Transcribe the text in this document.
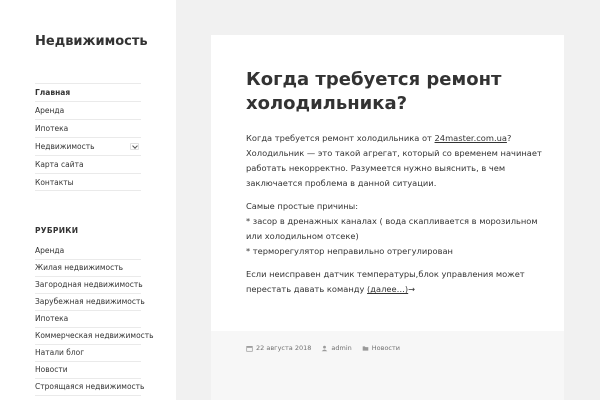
Недвижимость
Главная
Аренда
Ипотека
Недвижимость
Карта сайта
Контакты
РУБРИКИ
Аренда
Жилая недвижимость
Загородная недвижимость
Зарубежная недвижимость
Ипотека
Коммерческая недвижимость
Натали блог
Новости
Строящаяся недвижимость
Когда требуется ремонт холодильника?

Когда требуется ремонт холодильника от 24master.com.ua? Холодильник — это такой агрегат, который со временем начинает работать некорректно. Разумеется нужно выяснить, в чем заключается проблема в данной ситуации.

Самые простые причины:
* засор в дренажных каналах ( вода скапливается в морозильном или холодильном отсеке)
* терморегулятор неправильно отрегулирован

Если неисправен датчик температуры,блок управления может перестать давать команду (далее…)→

22 августа 2018	admin	Новости
